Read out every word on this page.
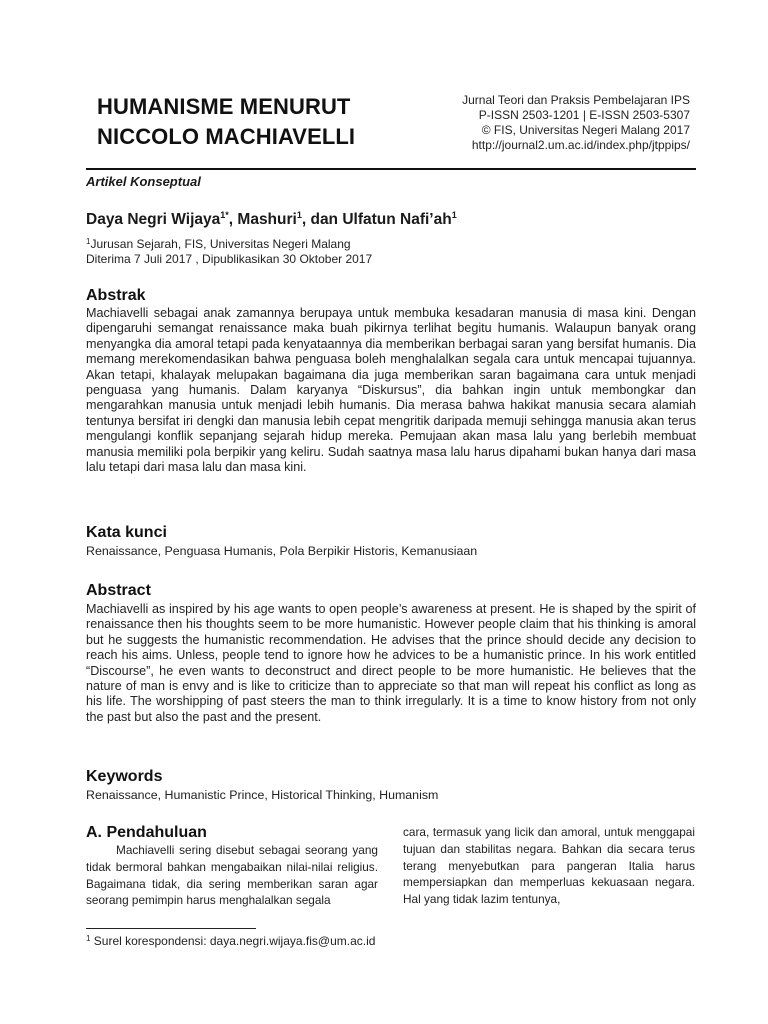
HUMANISME MENURUT
NICCOLO MACHIAVELLI
Jurnal Teori dan Praksis Pembelajaran IPS
P-ISSN 2503-1201 | E-ISSN 2503-5307
© FIS, Universitas Negeri Malang 2017
http://journal2.um.ac.id/index.php/jtppips/
Artikel Konseptual
Daya Negri Wijaya$^{1*}$, Mashuri$^1$, dan Ulfatun $Nafi’ah^1$
$^1$Jurusan Sejarah, FIS, Universitas Negeri Malang
Diterima 7 Juli 2017 , Dipublikasikan 30 Oktober 2017
Abstrak
Machiavelli sebagai anak zamannya berupaya untuk membuka kesadaran manusia di masa kini. Dengan dipengaruhi semangat renaissance maka buah pikirnya terlihat begitu humanis. Walaupun banyak orang menyangka dia amoral tetapi pada kenyataannya dia memberikan berbagai saran yang bersifat humanis. Dia memang merekomendasikan bahwa penguasa boleh menghalalkan segala cara untuk mencapai tujuannya. Akan tetapi, khalayak melupakan bagaimana dia juga memberikan saran bagaimana cara untuk menjadi penguasa yang humanis. Dalam karyanya “Diskursus”, dia bahkan ingin untuk membongkar dan mengarahkan manusia untuk menjadi lebih humanis. Dia merasa bahwa hakikat manusia secara alamiah tentunya bersifat iri dengki dan manusia lebih cepat mengritik daripada memuji sehingga manusia akan terus mengulangi konflik sepanjang sejarah hidup mereka. Pemujaan akan masa lalu yang berlebih membuat manusia memiliki pola berpikir yang keliru. Sudah saatnya masa lalu harus dipahami bukan hanya dari masa lalu tetapi dari masa lalu dan masa kini.
Kata kunci
Renaissance, Penguasa Humanis, Pola Berpikir Historis, Kemanusiaan
Abstract
Machiavelli as inspired by his age wants to open people’s awareness at present. He is shaped by the spirit of renaissance then his thoughts seem to be more humanistic. However people claim that his thinking is amoral but he suggests the humanistic recommendation. He advises that the prince should decide any decision to reach his aims. Unless, people tend to ignore how he advices to be a humanistic prince. In his work entitled “Discourse”, he even wants to deconstruct and direct people to be more humanistic. He believes that the nature of man is envy and is like to criticize than to appreciate so that man will repeat his conflict as long as his life. The worshipping of past steers the man to think irregularly. It is a time to know history from not only the past but also the past and the present.
Keywords
Renaissance, Humanistic Prince, Historical Thinking, Humanism
A. Pendahuluan
Machiavelli sering disebut sebagai seorang yang tidak bermoral bahkan mengabaikan nilai-nilai religius. Bagaimana tidak, dia sering memberikan saran agar seorang pemimpin harus menghalalkan segala
cara, termasuk yang licik dan amoral, untuk menggapai tujuan dan stabilitas negara. Bahkan dia secara terus terang menyebutkan para pangeran Italia harus mempersiapkan dan memperluas kekuasaan negara. Hal yang tidak lazim tentunya,
$^1$ Surel korespondensi: daya.negri.wijaya.fis@um.ac.id
